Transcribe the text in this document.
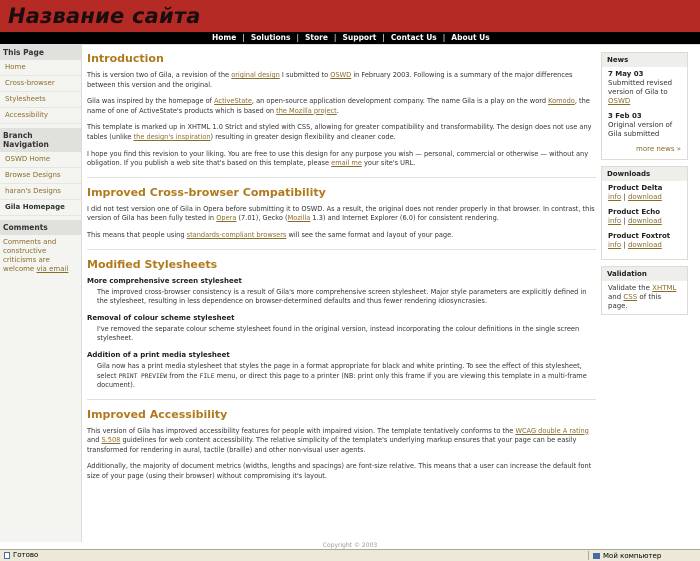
Название сайта
Home | Solutions | Store | Support | Contact Us | About Us
This Page
Home
Cross-browser
Stylesheets
Accessibility
Branch Navigation
OSWD Home
Browse Designs
haran's Designs
Gila Homepage
Comments
Comments and constructive criticisms are welcome via email
Introduction

This is version two of Gila, a revision of the original design I submitted to OSWD in February 2003. Following is a summary of the major differences between this version and the original.

Gila was inspired by the homepage of ActiveState, an open-source application development company. The name Gila is a play on the word Komodo, the name of one of ActiveState's products which is based on the Mozilla project.

This template is marked up in XHTML 1.0 Strict and styled with CSS, allowing for greater compatibility and transformability. The design does not use any tables (unlike the design's inspiration) resulting in greater design flexibility and cleaner code.

I hope you find this revision to your liking. You are free to use this design for any purpose you wish — personal, commercial or otherwise — without any obligation. If you publish a web site that's based on this template, please email me your site's URL.

Improved Cross-browser Compatibility

I did not test version one of Gila in Opera before submitting it to OSWD. As a result, the original does not render properly in that browser. In contrast, this version of Gila has been fully tested in Opera (7.01), Gecko (Mozilla 1.3) and Internet Explorer (6.0) for consistent rendering.

This means that people using standards-compliant browsers will see the same format and layout of your page.

Modified Stylesheets
More comprehensive screen stylesheet

The improved cross-browser consistency is a result of Gila's more comprehensive screen stylesheet. Major style parameters are explicitly defined in the stylesheet, resulting in less dependence on browser-determined defaults and thus fewer rendering idiosyncrasies.

Removal of colour scheme stylesheet

I've removed the separate colour scheme stylesheet found in the original version, instead incorporating the colour definitions in the single screen stylesheet.

Addition of a print media stylesheet

Gila now has a print media stylesheet that styles the page in a format appropriate for black and white printing. To see the effect of this stylesheet, select PRINT PREVIEW from the FILE menu, or direct this page to a printer (NB: print only this frame if you are viewing this template in a multi-frame document).

Improved Accessibility

This version of Gila has improved accessibility features for people with impaired vision. The template tentatively conforms to the WCAG double A rating and S.508 guidelines for web content accessibility. The relative simplicity of the template's underlying markup ensures that your page can be easily transformed for rendering in aural, tactile (braille) and other non-visual user agents.

Additionally, the majority of document metrics (widths, lengths and spacings) are font-size relative. This means that a user can increase the default font size of your page (using their browser) without compromising it's layout.

News
7 May 03
Submitted revised version of Gila to OSWD
3 Feb 03
Original version of Gila submitted
more news »
Downloads
Product Delta
info | download
Product Echo
info | download
Product Foxtrot
info | download
Validation
Validate the XHTML and CSS of this page.
Copyright © 2003
Готово	Мой компьютер
